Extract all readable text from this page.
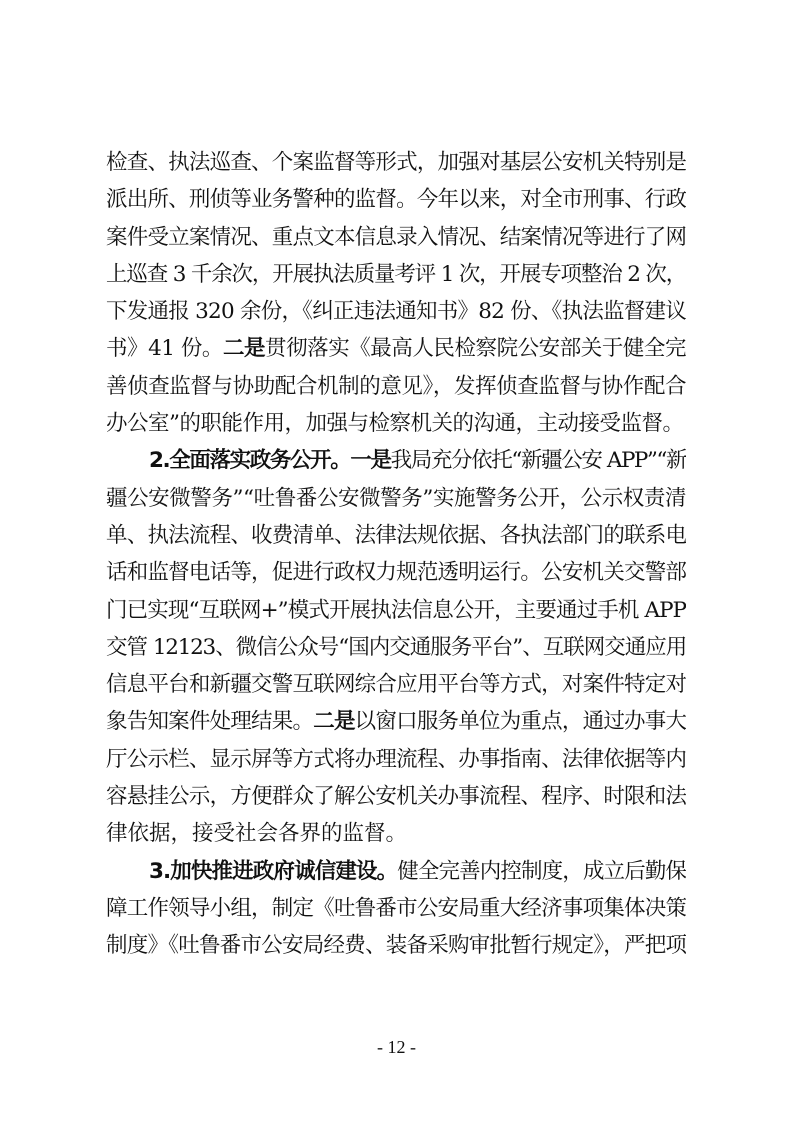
检查、执法巡查、个案监督等形式，加强对基层公安机关特别是
派出所、刑侦等业务警种的监督。今年以来，对全市刑事、行政
案件受立案情况、重点文本信息录入情况、结案情况等进行了网
上巡查 3 千余次，开展执法质量考评 1 次，开展专项整治 2 次，
下发通报 320 余份，《纠正违法通知书》82 份、《执法监督建议
书》41 份。二是贯彻落实《最高人民检察院公安部关于健全完
善侦查监督与协助配合机制的意见》，发挥侦查监督与协作配合
办公室”的职能作用，加强与检察机关的沟通，主动接受监督。
2.全面落实政务公开。一是我局充分依托“新疆公安 APP”“新
疆公安微警务”“吐鲁番公安微警务”实施警务公开，公示权责清
单、执法流程、收费清单、法律法规依据、各执法部门的联系电
话和监督电话等，促进行政权力规范透明运行。公安机关交警部
门已实现“互联网+”模式开展执法信息公开，主要通过手机 APP
交管 12123、微信公众号“国内交通服务平台”、互联网交通应用
信息平台和新疆交警互联网综合应用平台等方式，对案件特定对
象告知案件处理结果。二是以窗口服务单位为重点，通过办事大
厅公示栏、显示屏等方式将办理流程、办事指南、法律依据等内
容悬挂公示，方便群众了解公安机关办事流程、程序、时限和法
律依据，接受社会各界的监督。
3.加快推进政府诚信建设。健全完善内控制度，成立后勤保
障工作领导小组，制定《吐鲁番市公安局重大经济事项集体决策
制度》《吐鲁番市公安局经费、装备采购审批暂行规定》，严把项
- 12 -
